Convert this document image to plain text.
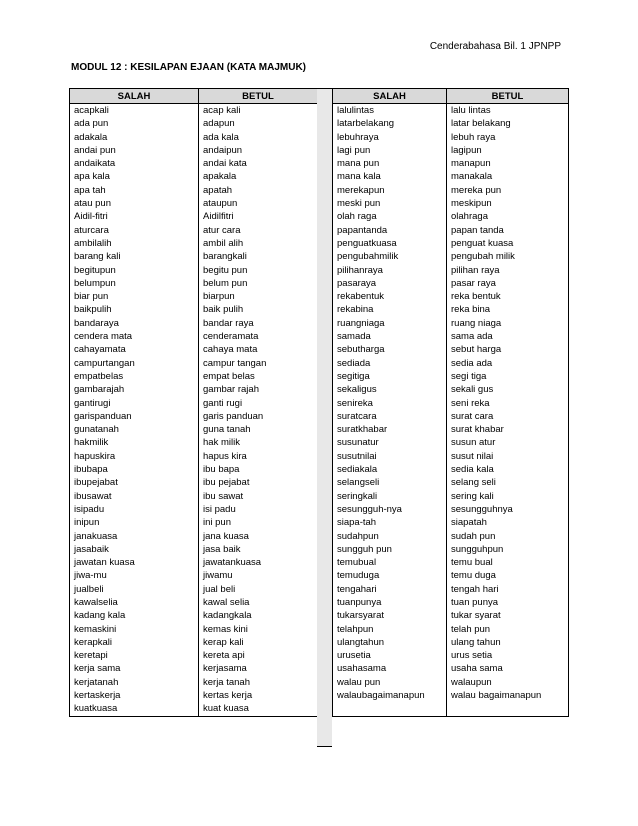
Cenderabahasa Bil. 1 JPNPP
MODUL 12 : KESILAPAN EJAAN (KATA MAJMUK)
SALAH	BETUL
acapkali	acap kali
ada pun	adapun
adakala	ada kala
andai pun	andaipun
andaikata	andai kata
apa kala	apakala
apa tah	apatah
atau pun	ataupun
Aidil-fitri	Aidilfitri
aturcara	atur cara
ambilalih	ambil alih
barang kali	barangkali
begitupun	begitu pun
belumpun	belum pun
biar pun	biarpun
baikpulih	baik pulih
bandaraya	bandar raya
cendera mata	cenderamata
cahayamata	cahaya mata
campurtangan	campur tangan
empatbelas	empat belas
gambarajah	gambar rajah
gantirugi	ganti rugi
garispanduan	garis panduan
gunatanah	guna tanah
hakmilik	hak milik
hapuskira	hapus kira
ibubapa	ibu bapa
ibupejabat	ibu pejabat
ibusawat	ibu sawat
isipadu	isi padu
inipun	ini pun
janakuasa	jana kuasa
jasabaik	jasa baik
jawatan kuasa	jawatankuasa
jiwa-mu	jiwamu
jualbeli	jual beli
kawalselia	kawal selia
kadang kala	kadangkala
kemaskini	kemas kini
kerapkali	kerap kali
keretapi	kereta api
kerja sama	kerjasama
kerjatanah	kerja tanah
kertaskerja	kertas kerja
kuatkuasa	kuat kuasa
SALAH	BETUL
lalulintas	lalu lintas
latarbelakang	latar belakang
lebuhraya	lebuh raya
lagi pun	lagipun
mana pun	manapun
mana kala	manakala
merekapun	mereka pun
meski pun	meskipun
olah raga	olahraga
papantanda	papan tanda
penguatkuasa	penguat kuasa
pengubahmilik	pengubah milik
pilihanraya	pilihan raya
pasaraya	pasar raya
rekabentuk	reka bentuk
rekabina	reka bina
ruangniaga	ruang niaga
samada	sama ada
sebutharga	sebut harga
sediada	sedia ada
segitiga	segi tiga
sekaligus	sekali gus
senireka	seni reka
suratcara	surat cara
suratkhabar	surat khabar
susunatur	susun atur
susutnilai	susut nilai
sediakala	sedia kala
selangseli	selang seli
seringkali	sering kali
sesungguh-nya	sesungguhnya
siapa-tah	siapatah
sudahpun	sudah pun
sungguh pun	sungguhpun
temubual	temu bual
temuduga	temu duga
tengahari	tengah hari
tuanpunya	tuan punya
tukarsyarat	tukar syarat
telahpun	telah pun
ulangtahun	ulang tahun
urusetia	urus setia
usahasama	usaha sama
walau pun	walaupun
walaubagaimanapun	walau bagaimanapun
